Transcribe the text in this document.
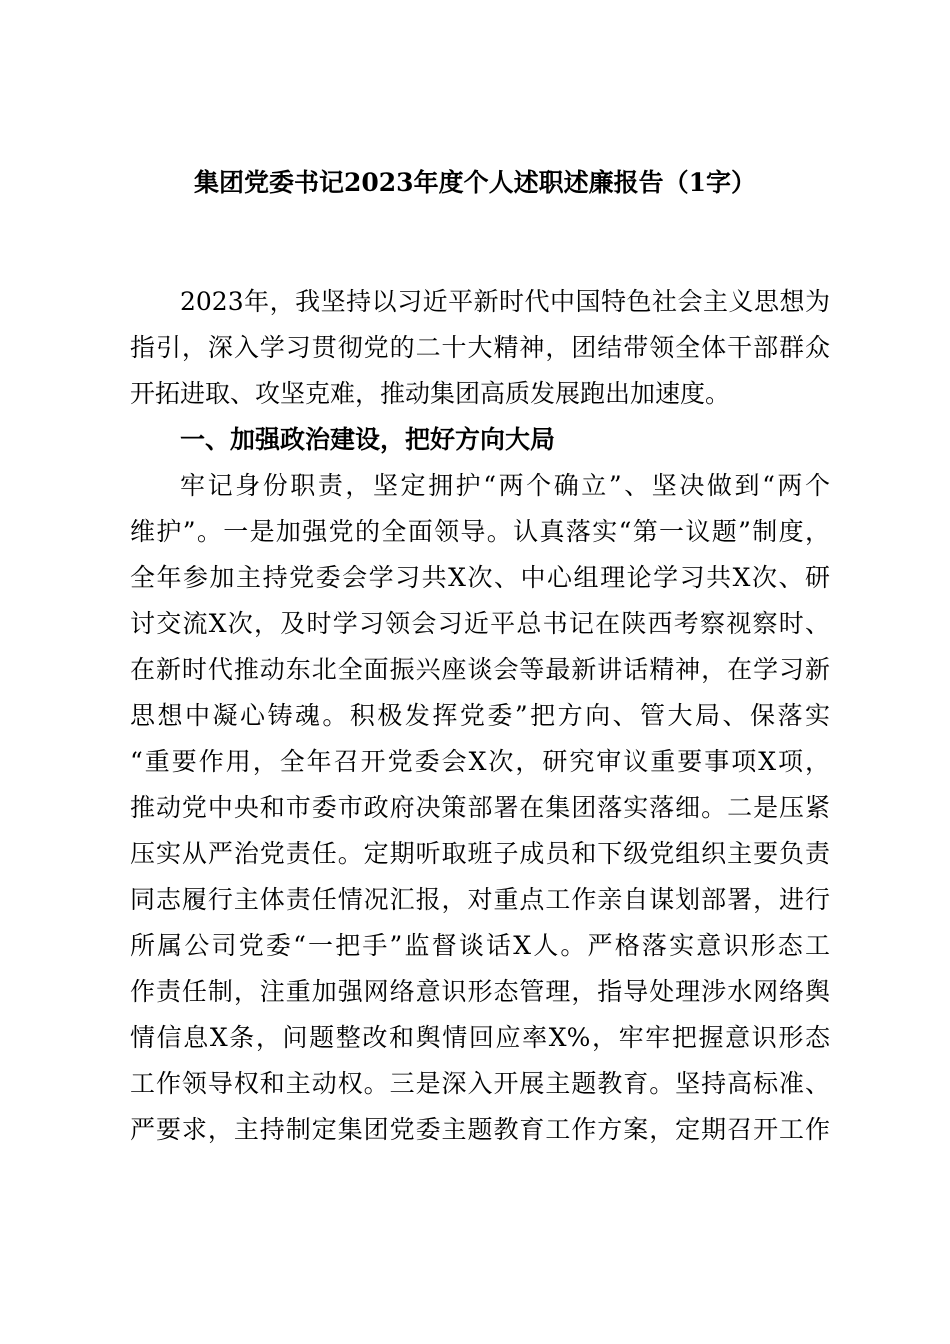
集团党委书记2023年度个人述职述廉报告（1字）
2023年，我坚持以习近平新时代中国特色社会主义思想为
指引，深入学习贯彻党的二十大精神，团结带领全体干部群众
开拓进取、攻坚克难，推动集团高质发展跑出加速度。
一、加强政治建设，把好方向大局
牢记身份职责，坚定拥护“两个确立”、坚决做到“两个
维护”。一是加强党的全面领导。认真落实“第一议题”制度，
全年参加主持党委会学习共X次、中心组理论学习共X次、研
讨交流X次，及时学习领会习近平总书记在陕西考察视察时、
在新时代推动东北全面振兴座谈会等最新讲话精神，在学习新
思想中凝心铸魂。积极发挥党委”把方向、管大局、保落实
“重要作用，全年召开党委会X次，研究审议重要事项X项，
推动党中央和市委市政府决策部署在集团落实落细。二是压紧
压实从严治党责任。定期听取班子成员和下级党组织主要负责
同志履行主体责任情况汇报，对重点工作亲自谋划部署，进行
所属公司党委“一把手”监督谈话X人。严格落实意识形态工
作责任制，注重加强网络意识形态管理，指导处理涉水网络舆
情信息X条，问题整改和舆情回应率X%，牢牢把握意识形态
工作领导权和主动权。三是深入开展主题教育。坚持高标准、
严要求，主持制定集团党委主题教育工作方案，定期召开工作
